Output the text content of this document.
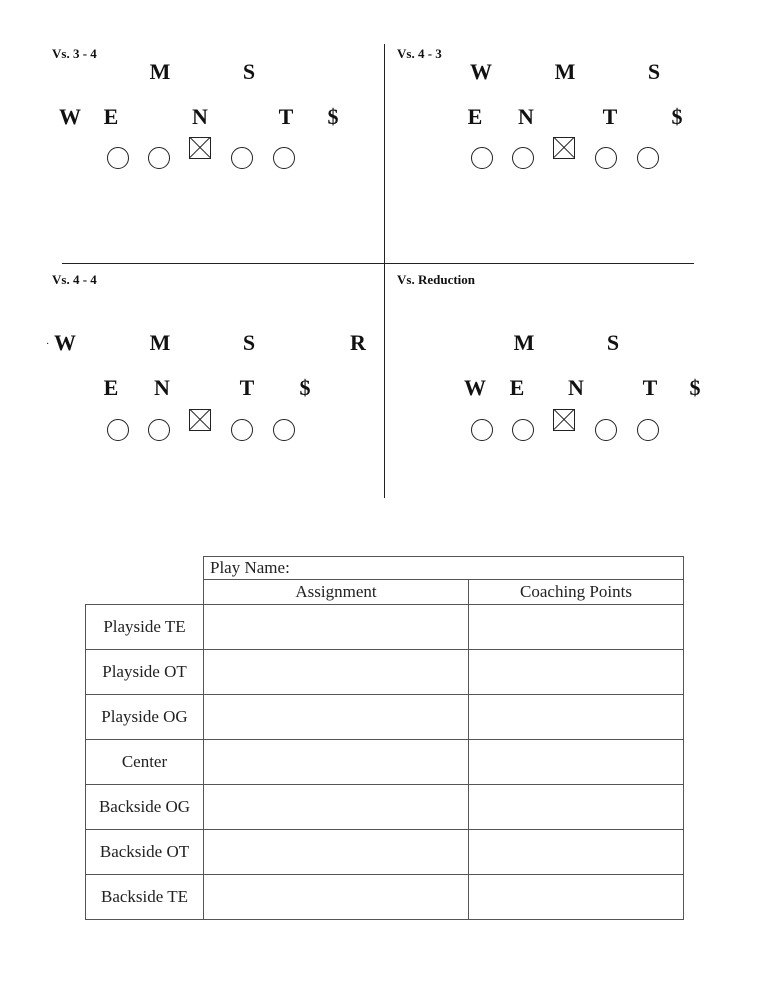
·
Vs. 3 - 4
M	S
W	E	N	T	$
Vs. 4 - 3
W	M	S
E	N	T	$
Vs. 4 - 4
W	M	S	R
E	N	T	$
Vs. Reduction
M	S
W	E	N	T	$
	Play Name:	
	Assignment	Coaching Points
Playside TE		
Playside OT		
Playside OG		
Center		
Backside OG		
Backside OT		
Backside TE		
